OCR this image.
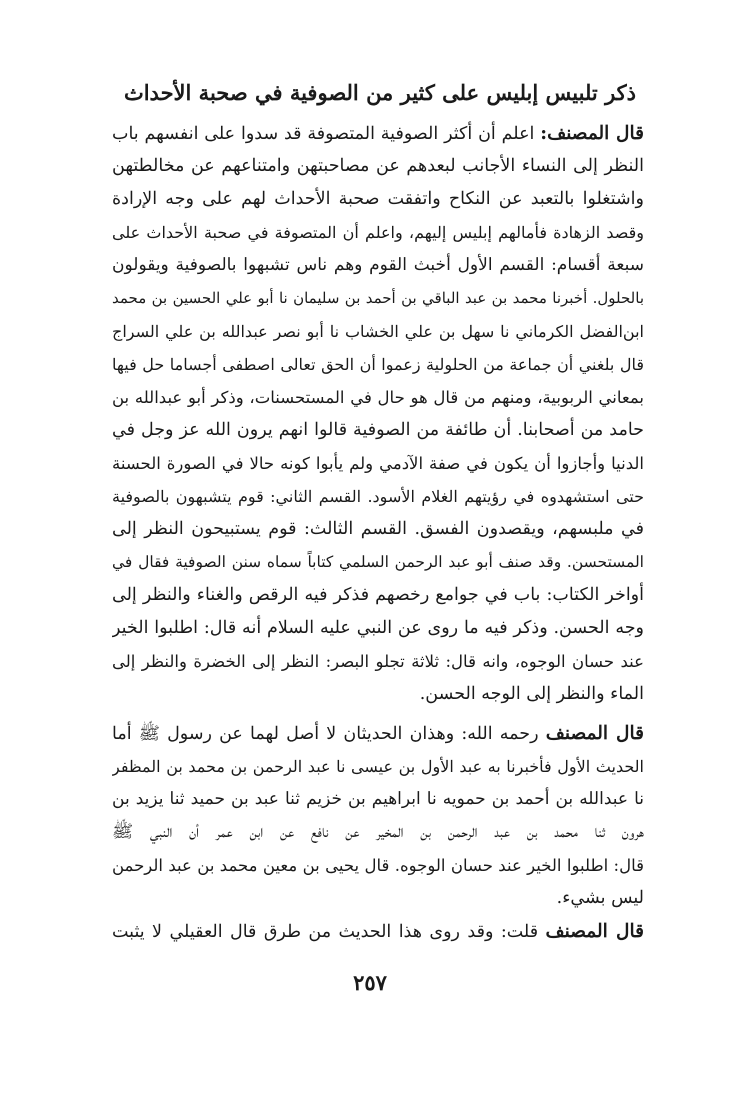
ذكر تلبيس إبليس على كثير من الصوفية في صحبة الأحداث
قال المصنف: اعلم أن أكثر الصوفية المتصوفة قد سدوا على انفسهم باب
النظر إلى النساء الأجانب لبعدهم عن مصاحبتهن وامتناعهم عن مخالطتهن
واشتغلوا بالتعبد عن النكاح واتفقت صحبة الأحداث لهم على وجه الإرادة
وقصد الزهادة فأمالهم إبليس إليهم، واعلم أن المتصوفة في صحبة الأحداث على
سبعة أقسام: القسم الأول أخبث القوم وهم ناس تشبهوا بالصوفية ويقولون
بالحلول. أخبرنا محمد بن عبد الباقي بن أحمد بن سليمان نا أبو علي الحسين بن محمد
ابن‌الفضل الكرماني نا سهل بن علي الخشاب نا أبو نصر عبدالله بن علي السراج
قال بلغني أن جماعة من الحلولية زعموا أن الحق تعالى اصطفى أجساما حل فيها
بمعاني الربوبية، ومنهم من قال هو حال في المستحسنات، وذكر أبو عبدالله بن
حامد من أصحابنا. أن طائفة من الصوفية قالوا انهم يرون الله عز وجل في
الدنيا وأجازوا أن يكون في صفة الآدمي ولم يأبوا كونه حالا في الصورة الحسنة
حتى استشهدوه في رؤيتهم الغلام الأسود. القسم الثاني: قوم يتشبهون بالصوفية
في ملبسهم، ويقصدون الفسق. القسم الثالث: قوم يستبيحون النظر إلى
المستحسن. وقد صنف أبو عبد الرحمن السلمي كتاباً سماه سنن الصوفية فقال في
أواخر الكتاب: باب في جوامع رخصهم فذكر فيه الرقص والغناء والنظر إلى
وجه الحسن. وذكر فيه ما روى عن النبي عليه السلام أنه قال: اطلبوا الخير
عند حسان الوجوه، وانه قال: ثلاثة تجلو البصر: النظر إلى الخضرة والنظر إلى
الماء والنظر إلى الوجه الحسن.
قال المصنف رحمه الله: وهذان الحديثان لا أصل لهما عن رسول ﷺ أما
الحديث الأول فأخبرنا به عبد الأول بن عيسى نا عبد الرحمن بن محمد بن المظفر
نا عبدالله بن أحمد بن حمويه نا ابراهيم بن خزيم ثنا عبد بن حميد ثنا يزيد بن
هرون ثنا محمد بن عبد الرحمن بن المخير عن نافع عن ابن عمر أن النبي ﷺ
قال: اطلبوا الخير عند حسان الوجوه. قال يحيى بن معين محمد بن عبد الرحمن
ليس بشيء.
قال المصنف قلت: وقد روى هذا الحديث من طرق قال العقيلي لا يثبت
٢٥٧
